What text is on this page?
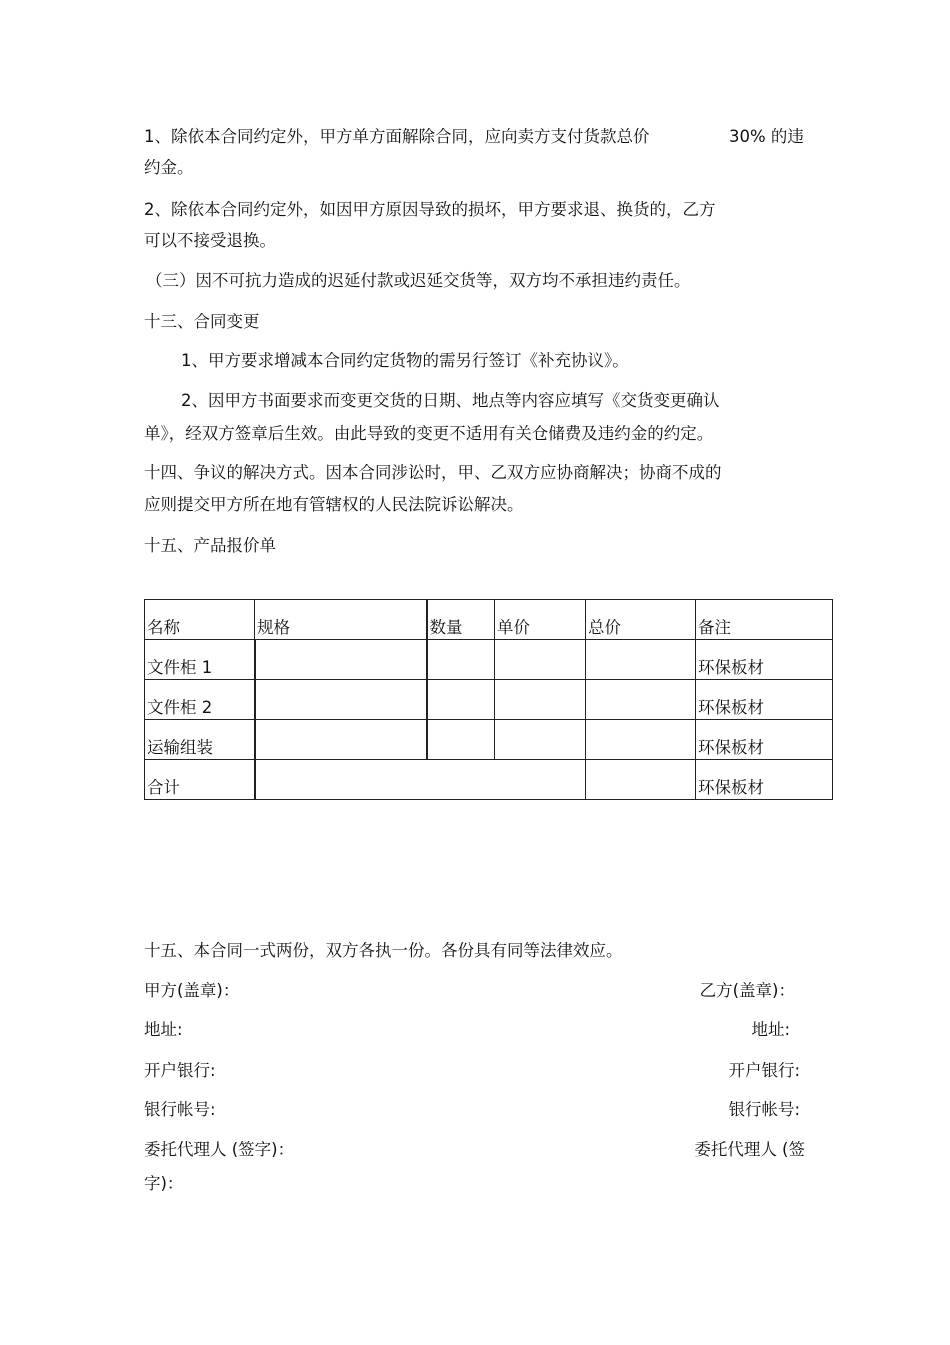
1、除依本合同约定外，甲方单方面解除合同，应向卖方支付货款总价	30% 的违
约金。
2、除依本合同约定外，如因甲方原因导致的损坏，甲方要求退、换货的，乙方
可以不接受退换。
（三）因不可抗力造成的迟延付款或迟延交货等，双方均不承担违约责任。
十三、合同变更
1、甲方要求增减本合同约定货物的需另行签订《补充协议》。
2、因甲方书面要求而变更交货的日期、地点等内容应填写《交货变更确认
单》，经双方签章后生效。由此导致的变更不适用有关仓储费及违约金的约定。
十四、争议的解决方式。因本合同涉讼时，甲、乙双方应协商解决；协商不成的
应则提交甲方所在地有管辖权的人民法院诉讼解决。
十五、产品报价单
名称	规格	数量	单价	总价	备注
文件柜 1					环保板材
文件柜 2					环保板材
运输组装					环保板材
合计					环保板材
十五、本合同一式两份，双方各执一份。各份具有同等法律效应。
甲方(盖章)：	乙方(盖章)：
地址:	地址:
开户银行:	开户银行:
银行帐号:	银行帐号:
委托代理人 (签字)：	委托代理人 (签
字)：
